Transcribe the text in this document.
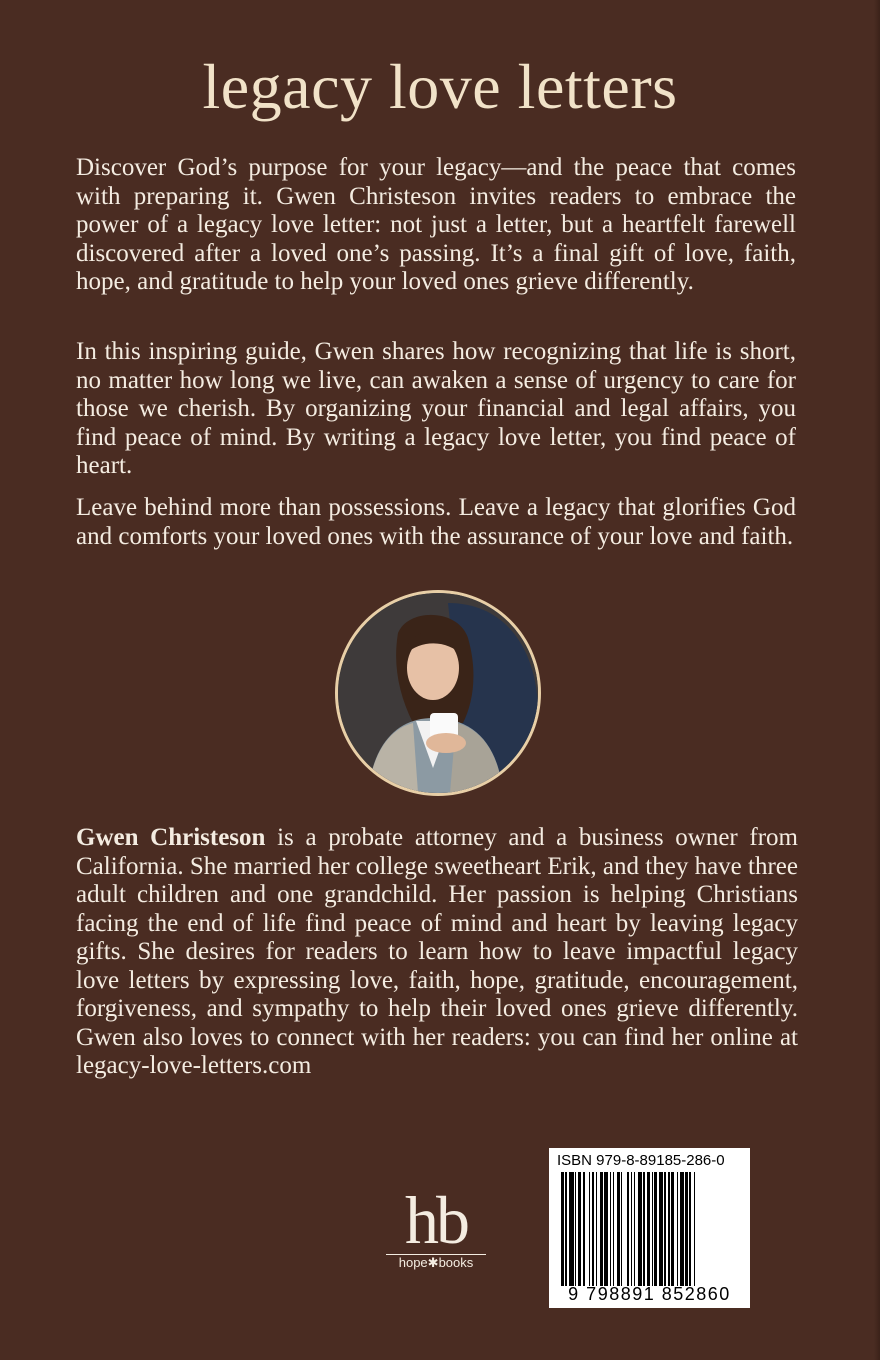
legacy love letters

Discover God’s purpose for your legacy—and the peace that comes with preparing it. Gwen Christeson invites readers to embrace the power of a legacy love letter: not just a letter, but a heartfelt farewell discovered after a loved one’s passing. It’s a final gift of love, faith, hope, and gratitude to help your loved ones grieve differently.

In this inspiring guide, Gwen shares how recognizing that life is short, no matter how long we live, can awaken a sense of urgency to care for those we cherish. By organizing your financial and legal affairs, you find peace of mind. By writing a legacy love letter, you find peace of heart.

Leave behind more than possessions. Leave a legacy that glorifies God and comforts your loved ones with the assurance of your love and faith.

Gwen Christeson is a probate attorney and a business owner from California. She married her college sweetheart Erik, and they have three adult children and one grandchild. Her passion is helping Christians facing the end of life find peace of mind and heart by leaving legacy gifts. She desires for readers to learn how to leave impactful legacy love letters by expressing love, faith, hope, gratitude, encouragement, forgiveness, and sympathy to help their loved ones grieve differently. Gwen also loves to connect with her readers: you can find her online at legacy-love-letters.com

hb
hope✱books
ISBN 979-8-89185-286-0
9 798891 852860
